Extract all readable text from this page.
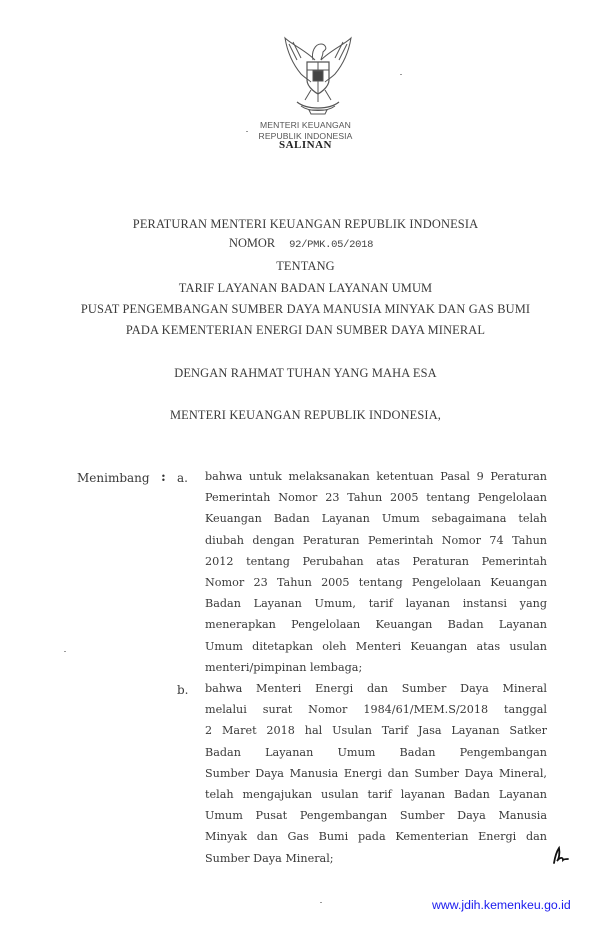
MENTERI KEUANGAN
REPUBLIK INDONESIA
SALINAN
PERATURAN MENTERI KEUANGAN REPUBLIK INDONESIA
NOMOR 92/PMK.05/2018
TENTANG
TARIF LAYANAN BADAN LAYANAN UMUM
PUSAT PENGEMBANGAN SUMBER DAYA MANUSIA MINYAK DAN GAS BUMI
PADA KEMENTERIAN ENERGI DAN SUMBER DAYA MINERAL
DENGAN RAHMAT TUHAN YANG MAHA ESA
MENTERI KEUANGAN REPUBLIK INDONESIA,
Menimbang : a. bahwa untuk melaksanakan ketentuan Pasal 9 Peraturan
Pemerintah Nomor 23 Tahun 2005 tentang Pengelolaan
Keuangan Badan Layanan Umum sebagaimana telah
diubah dengan Peraturan Pemerintah Nomor 74 Tahun
2012 tentang Perubahan atas Peraturan Pemerintah
Nomor 23 Tahun 2005 tentang Pengelolaan Keuangan
Badan Layanan Umum, tarif layanan instansi yang
menerapkan Pengelolaan Keuangan Badan Layanan
Umum ditetapkan oleh Menteri Keuangan atas usulan
menteri/pimpinan lembaga;
b. bahwa Menteri Energi dan Sumber Daya Mineral
melalui surat Nomor 1984/61/MEM.S/2018 tanggal
2 Maret 2018 hal Usulan Tarif Jasa Layanan Satker
Badan Layanan Umum Badan Pengembangan
Sumber Daya Manusia Energi dan Sumber Daya Mineral,
telah mengajukan usulan tarif layanan Badan Layanan
Umum Pusat Pengembangan Sumber Daya Manusia
Minyak dan Gas Bumi pada Kementerian Energi dan
Sumber Daya Mineral;
www.jdih.kemenkeu.go.id
